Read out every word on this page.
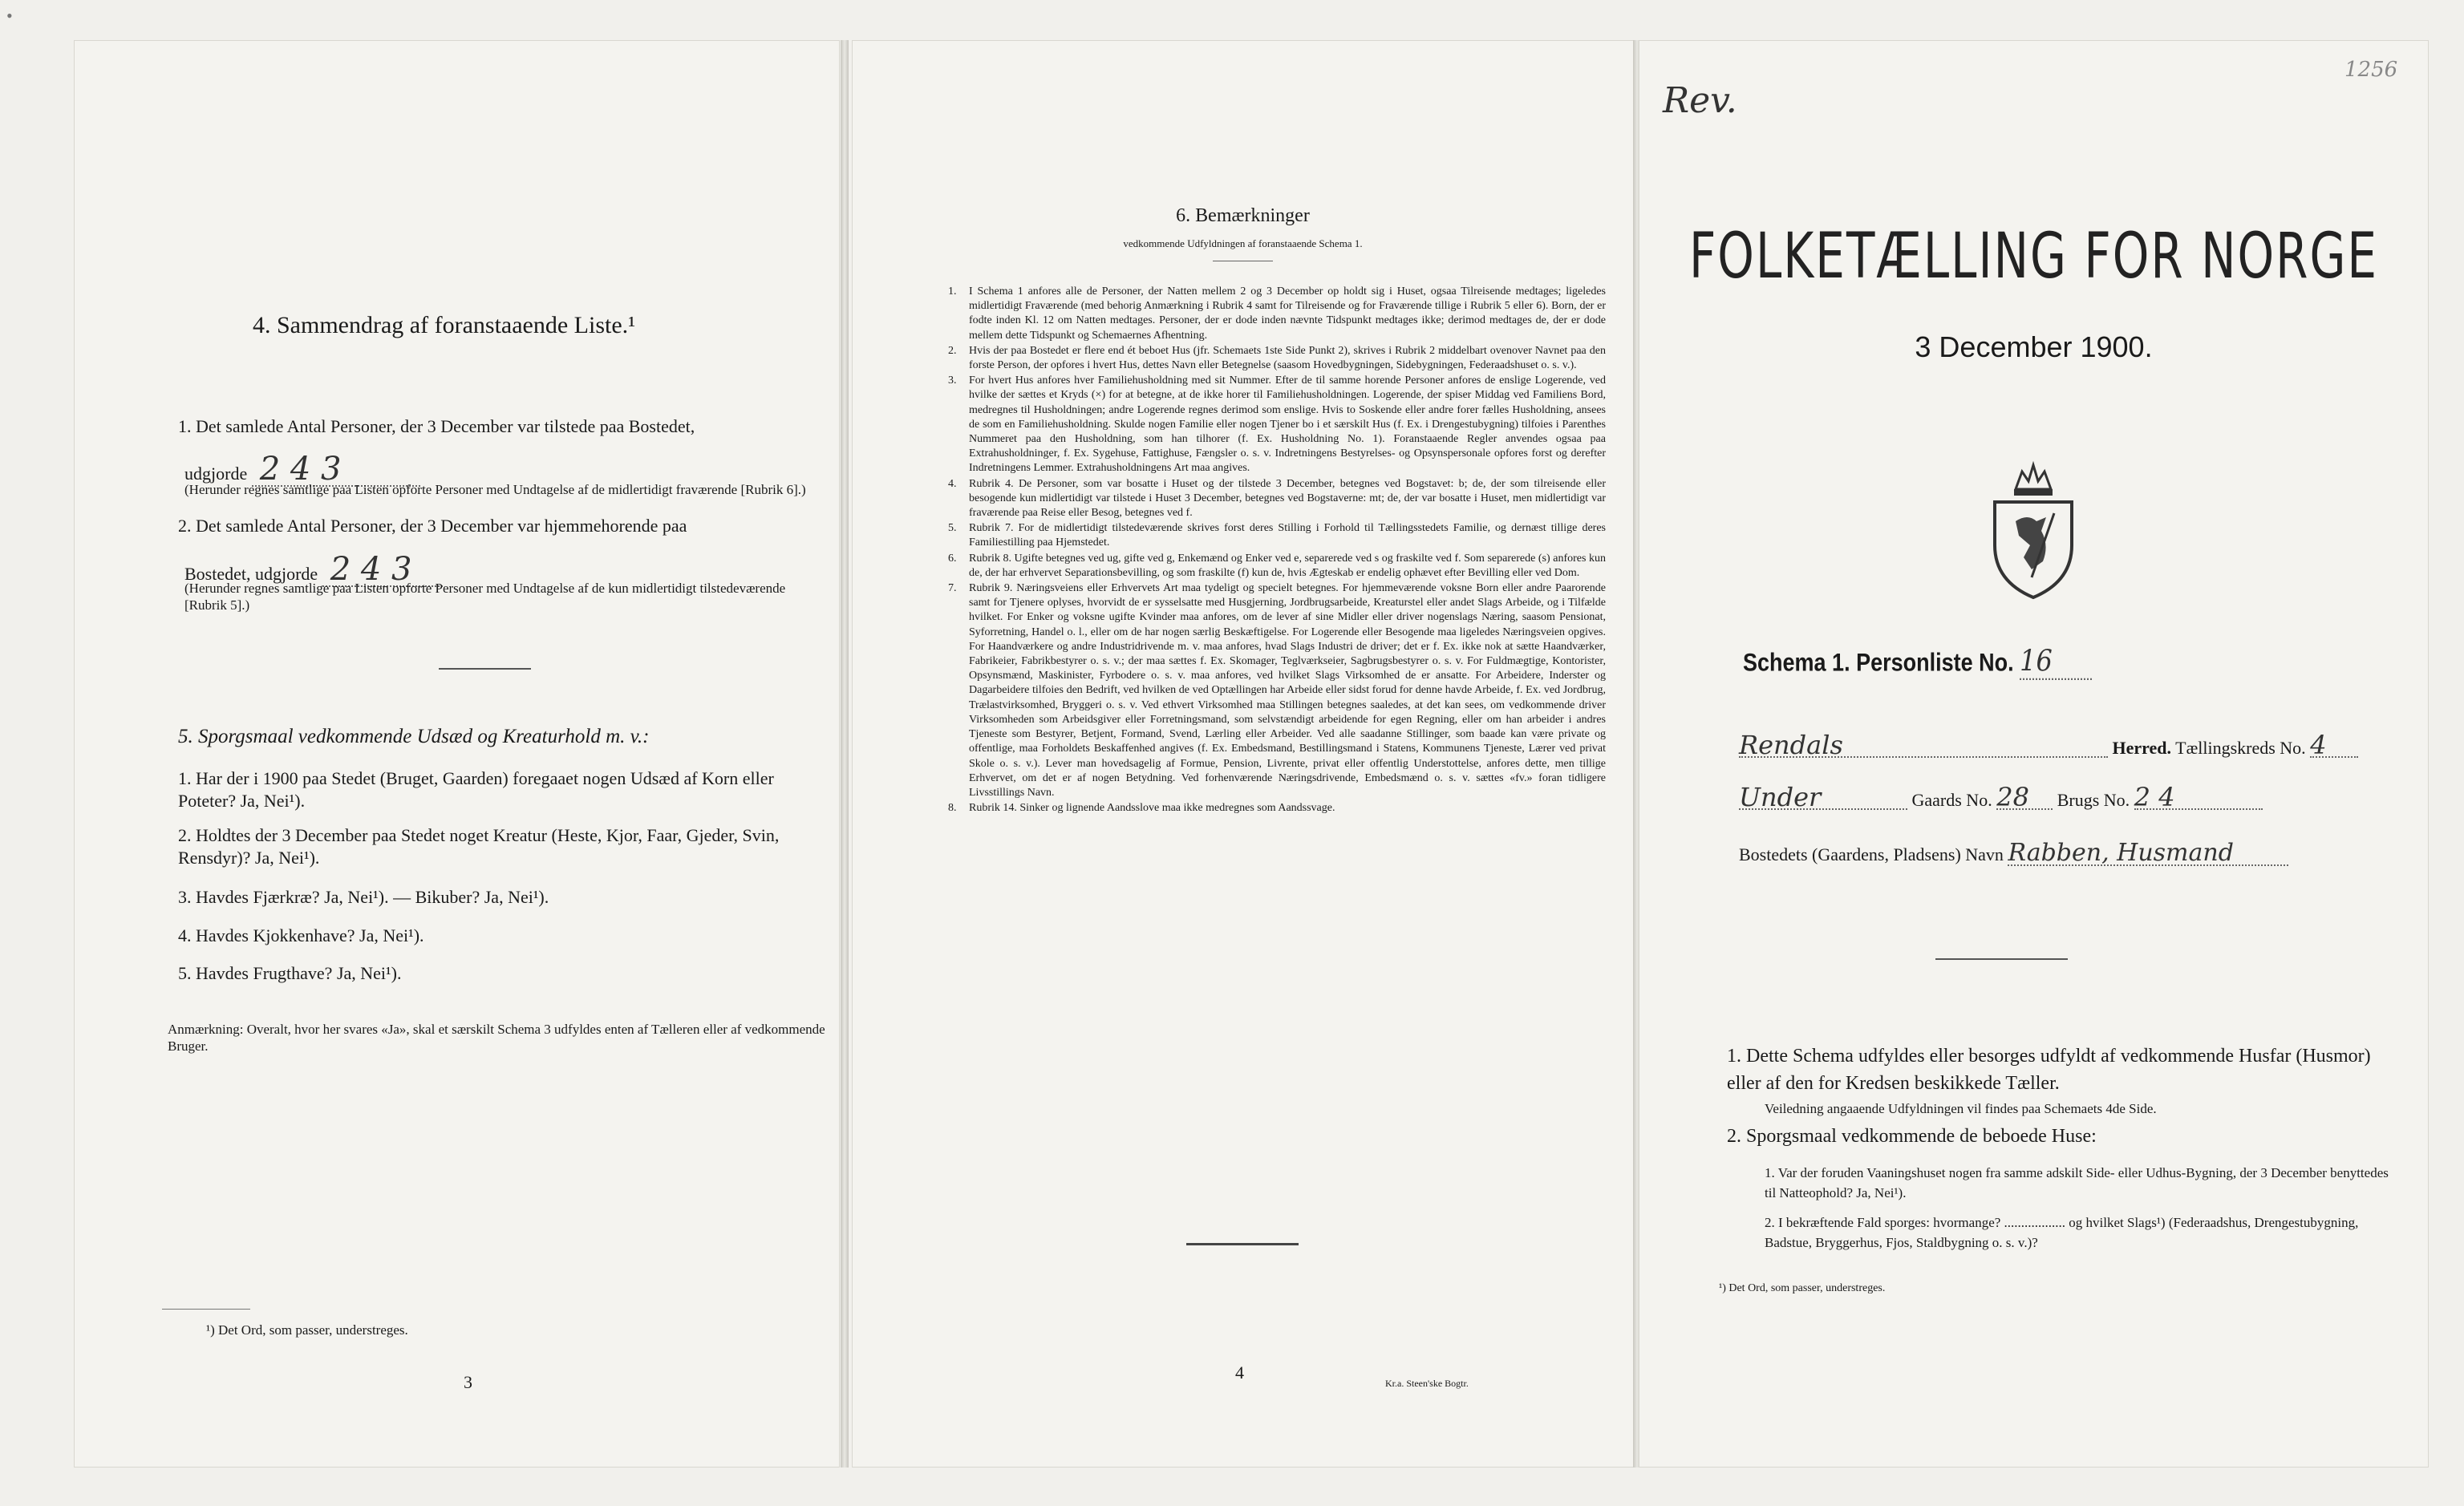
•
4. Sammendrag af foranstaaende Liste.¹
1. Det samlede Antal Personer, der 3 December var tilstede paa Bostedet,
udgjorde 2 4 3
(Herunder regnes samtlige paa Listen opforte Personer med Undtagelse af de midlertidigt fraværende [Rubrik 6].)
2. Det samlede Antal Personer, der 3 December var hjemmehorende paa
Bostedet, udgjorde 2 4 3
(Herunder regnes samtlige paa Listen opforte Personer med Undtagelse af de kun midlertidigt tilstedeværende [Rubrik 5].)
5. Sporgsmaal vedkommende Udsæd og Kreaturhold m. v.:
1. Har der i 1900 paa Stedet (Bruget, Gaarden) foregaaet nogen Udsæd af Korn eller Poteter? Ja, Nei¹).
2. Holdtes der 3 December paa Stedet noget Kreatur (Heste, Kjor, Faar, Gjeder, Svin, Rensdyr)? Ja, Nei¹).
3. Havdes Fjærkræ? Ja, Nei¹). — Bikuber? Ja, Nei¹).
4. Havdes Kjokkenhave? Ja, Nei¹).
5. Havdes Frugthave? Ja, Nei¹).
Anmærkning: Overalt, hvor her svares «Ja», skal et særskilt Schema 3 udfyldes enten af Tælleren eller af vedkommende Bruger.
¹) Det Ord, som passer, understreges.
3
6. Bemærkninger
vedkommende Udfyldningen af foranstaaende Schema 1.
1.	I Schema 1 anfores alle de Personer, der Natten mellem 2 og 3 December op holdt sig i Huset, ogsaa Tilreisende medtages; ligeledes midlertidigt Fraværende (med behorig Anmærkning i Rubrik 4 samt for Tilreisende og for Fraværende tillige i Rubrik 5 eller 6). Born, der er fodte inden Kl. 12 om Natten medtages. Personer, der er dode inden nævnte Tidspunkt medtages ikke; derimod medtages de, der er dode mellem dette Tidspunkt og Schemaernes Afhentning.
2.	Hvis der paa Bostedet er flere end ét beboet Hus (jfr. Schemaets 1ste Side Punkt 2), skrives i Rubrik 2 middelbart ovenover Navnet paa den forste Person, der opfores i hvert Hus, dettes Navn eller Betegnelse (saasom Hovedbygningen, Sidebygningen, Federaadshuset o. s. v.).
3.	For hvert Hus anfores hver Familiehusholdning med sit Nummer. Efter de til samme horende Personer anfores de enslige Logerende, ved hvilke der sættes et Kryds (×) for at betegne, at de ikke horer til Familiehusholdningen. Logerende, der spiser Middag ved Familiens Bord, medregnes til Husholdningen; andre Logerende regnes derimod som enslige. Hvis to Soskende eller andre forer fælles Husholdning, ansees de som en Familiehusholdning. Skulde nogen Familie eller nogen Tjener bo i et særskilt Hus (f. Ex. i Drengestubygning) tilfoies i Parenthes Nummeret paa den Husholdning, som han tilhorer (f. Ex. Husholdning No. 1). Foranstaaende Regler anvendes ogsaa paa Extrahusholdninger, f. Ex. Sygehuse, Fattighuse, Fængsler o. s. v. Indretningens Bestyrelses- og Opsynspersonale opfores forst og derefter Indretningens Lemmer. Extrahusholdningens Art maa angives.
4.	Rubrik 4. De Personer, som var bosatte i Huset og der tilstede 3 December, betegnes ved Bogstavet: b; de, der som tilreisende eller besogende kun midlertidigt var tilstede i Huset 3 December, betegnes ved Bogstaverne: mt; de, der var bosatte i Huset, men midlertidigt var fraværende paa Reise eller Besog, betegnes ved f.
5.	Rubrik 7. For de midlertidigt tilstedeværende skrives forst deres Stilling i Forhold til Tællingsstedets Familie, og dernæst tillige deres Familiestilling paa Hjemstedet.
6.	Rubrik 8. Ugifte betegnes ved ug, gifte ved g, Enkemænd og Enker ved e, separerede ved s og fraskilte ved f. Som separerede (s) anfores kun de, der har erhvervet Separationsbevilling, og som fraskilte (f) kun de, hvis Ægteskab er endelig ophævet efter Bevilling eller ved Dom.
7.	Rubrik 9. Næringsveiens eller Erhvervets Art maa tydeligt og specielt betegnes. For hjemmeværende voksne Born eller andre Paarorende samt for Tjenere oplyses, hvorvidt de er sysselsatte med Husgjerning, Jordbrugsarbeide, Kreaturstel eller andet Slags Arbeide, og i Tilfælde hvilket. For Enker og voksne ugifte Kvinder maa anfores, om de lever af sine Midler eller driver nogenslags Næring, saasom Pensionat, Syforretning, Handel o. l., eller om de har nogen særlig Beskæftigelse. For Logerende eller Besogende maa ligeledes Næringsveien opgives. For Haandværkere og andre Industridrivende m. v. maa anfores, hvad Slags Industri de driver; det er f. Ex. ikke nok at sætte Haandværker, Fabrikeier, Fabrikbestyrer o. s. v.; der maa sættes f. Ex. Skomager, Teglværkseier, Sagbrugsbestyrer o. s. v. For Fuldmægtige, Kontorister, Opsynsmænd, Maskinister, Fyrbodere o. s. v. maa anfores, ved hvilket Slags Virksomhed de er ansatte. For Arbeidere, Inderster og Dagarbeidere tilfoies den Bedrift, ved hvilken de ved Optællingen har Arbeide eller sidst forud for denne havde Arbeide, f. Ex. ved Jordbrug, Trælastvirksomhed, Bryggeri o. s. v. Ved ethvert Virksomhed maa Stillingen betegnes saaledes, at det kan sees, om vedkommende driver Virksomheden som Arbeidsgiver eller Forretningsmand, som selvstændigt arbeidende for egen Regning, eller om han arbeider i andres Tjeneste som Bestyrer, Betjent, Formand, Svend, Lærling eller Arbeider. Ved alle saadanne Stillinger, som baade kan være private og offentlige, maa Forholdets Beskaffenhed angives (f. Ex. Embedsmand, Bestillingsmand i Statens, Kommunens Tjeneste, Lærer ved privat Skole o. s. v.). Lever man hovedsagelig af Formue, Pension, Livrente, privat eller offentlig Understottelse, anfores dette, men tillige Erhvervet, om det er af nogen Betydning. Ved forhenværende Næringsdrivende, Embedsmænd o. s. v. sættes «fv.» foran tidligere Livsstillings Navn.
8.	Rubrik 14. Sinker og lignende Aandsslove maa ikke medregnes som Aandssvage.
4
Kr.a. Steen'ske Bogtr.
Rev.
1256
FOLKETÆLLING FOR NORGE
3 December 1900.
Schema 1. Personliste No. 16
Rendals	Herred. Tællingskreds No. 4
Under	Gaards No. 28 Brugs No. 2 4
Bostedets (Gaardens, Pladsens) Navn Rabben, Husmand
1. Dette Schema udfyldes eller besorges udfyldt af vedkommende Husfar (Husmor) eller af den for Kredsen beskikkede Tæller.
Veiledning angaaende Udfyldningen vil findes paa Schemaets 4de Side.
2. Sporgsmaal vedkommende de beboede Huse:
1. Var der foruden Vaaningshuset nogen fra samme adskilt Side- eller Udhus-Bygning, der 3 December benyttedes til Natteophold? Ja, Nei¹).
2. I bekræftende Fald sporges: hvormange? .................. og hvilket Slags¹) (Federaadshus, Drengestubygning, Badstue, Bryggerhus, Fjos, Staldbygning o. s. v.)?
¹) Det Ord, som passer, understreges.
